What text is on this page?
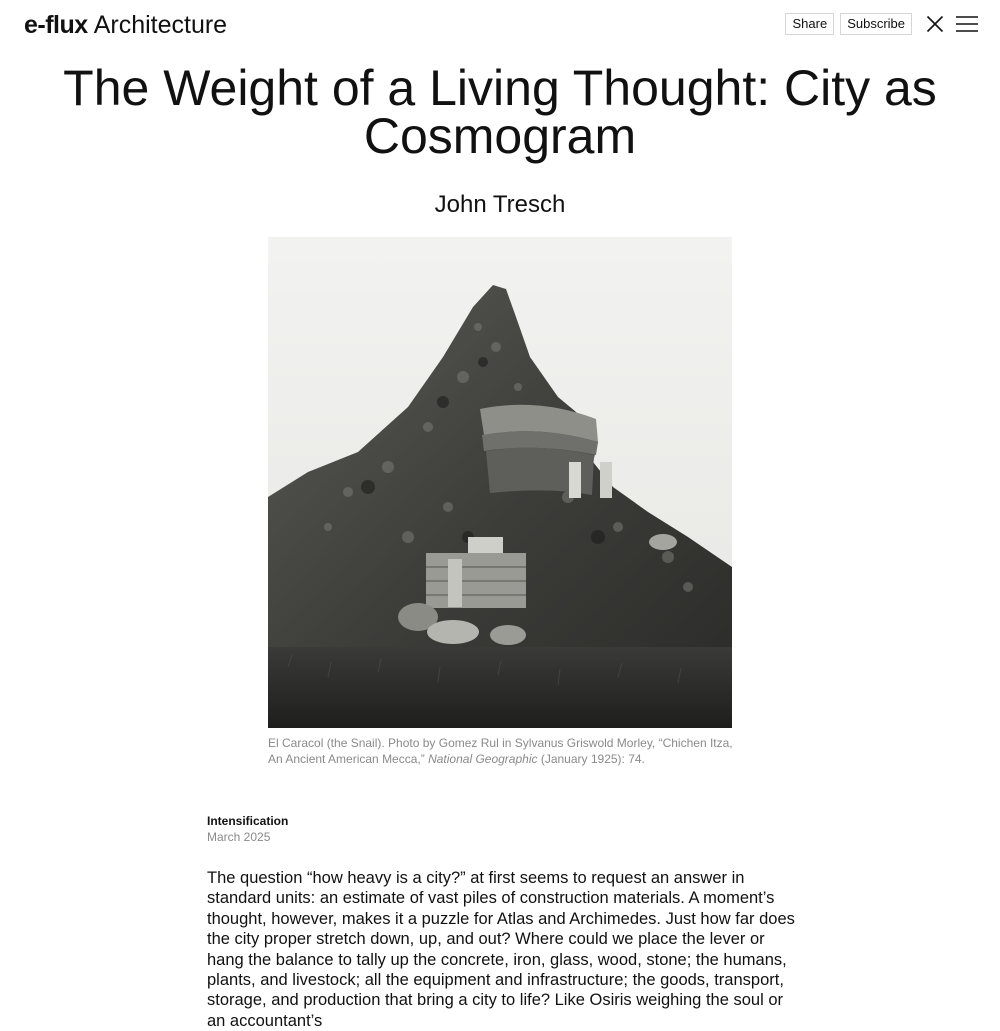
e-flux Architecture	Share	Subscribe
The Weight of a Living Thought: City as Cosmogram
John Tresch
El Caracol (the Snail). Photo by Gomez Rul in Sylvanus Griswold Morley, “Chichen Itza, An Ancient American Mecca,” National Geographic (January 1925): 74.
Intensification
March 2025

The question “how heavy is a city?” at first seems to request an answer in standard units: an estimate of vast piles of construction materials. A moment’s thought, however, makes it a puzzle for Atlas and Archimedes. Just how far does the city proper stretch down, up, and out? Where could we place the lever or hang the balance to tally up the concrete, iron, glass, wood, stone; the humans, plants, and livestock; all the equipment and infrastructure; the goods, transport, storage, and production that bring a city to life? Like Osiris weighing the soul or an accountant’s
